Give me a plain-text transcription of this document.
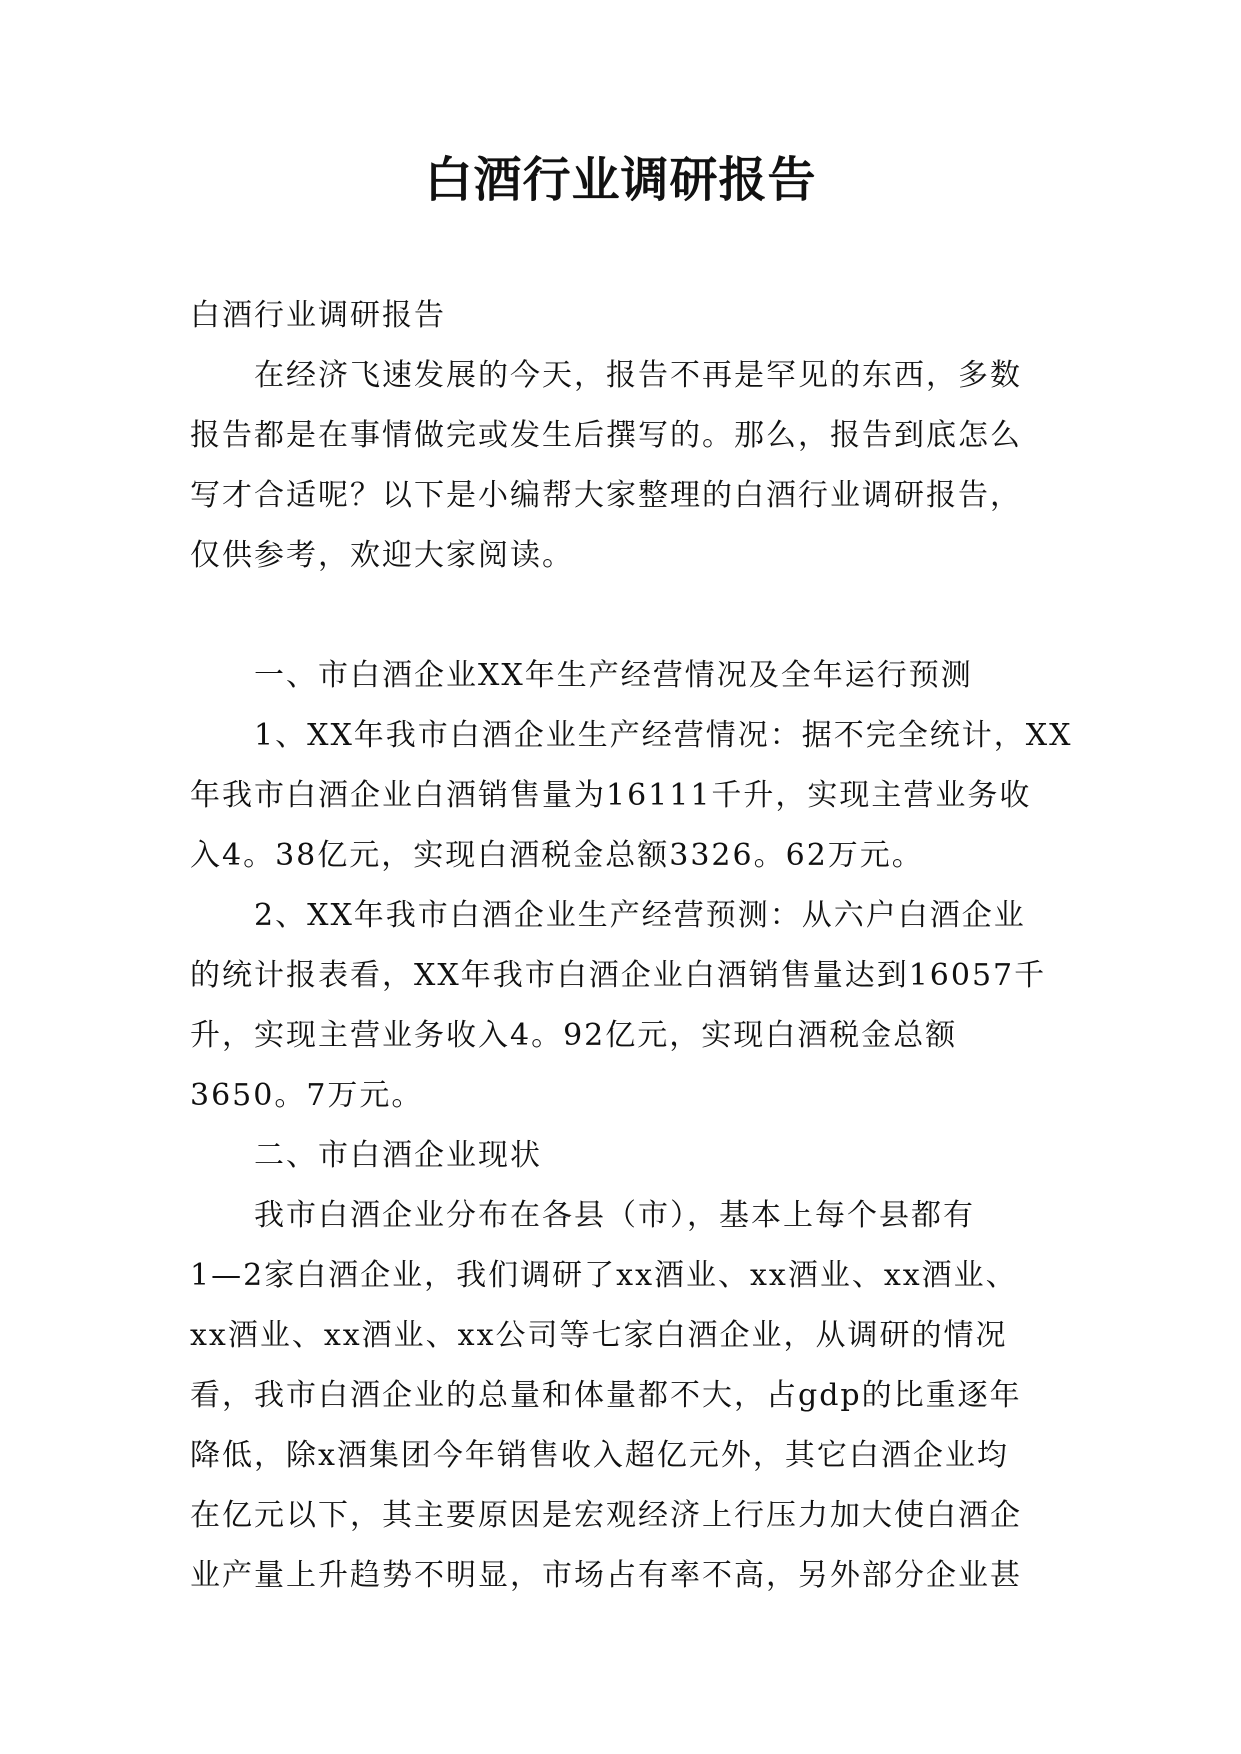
白酒行业调研报告
白酒行业调研报告
在经济飞速发展的今天，报告不再是罕见的东西，多数
报告都是在事情做完或发生后撰写的。那么，报告到底怎么
写才合适呢？以下是小编帮大家整理的白酒行业调研报告，
仅供参考，欢迎大家阅读。
一、市白酒企业XX年生产经营情况及全年运行预测
1、XX年我市白酒企业生产经营情况：据不完全统计，XX
年我市白酒企业白酒销售量为16111千升，实现主营业务收
入4。38亿元，实现白酒税金总额3326。62万元。
2、XX年我市白酒企业生产经营预测：从六户白酒企业
的统计报表看，XX年我市白酒企业白酒销售量达到16057千
升，实现主营业务收入4。92亿元，实现白酒税金总额
3650。7万元。
二、市白酒企业现状
我市白酒企业分布在各县（市），基本上每个县都有
1—2家白酒企业，我们调研了xx酒业、xx酒业、xx酒业、
xx酒业、xx酒业、xx公司等七家白酒企业，从调研的情况
看，我市白酒企业的总量和体量都不大，占gdp的比重逐年
降低，除x酒集团今年销售收入超亿元外，其它白酒企业均
在亿元以下，其主要原因是宏观经济上行压力加大使白酒企
业产量上升趋势不明显，市场占有率不高，另外部分企业甚
